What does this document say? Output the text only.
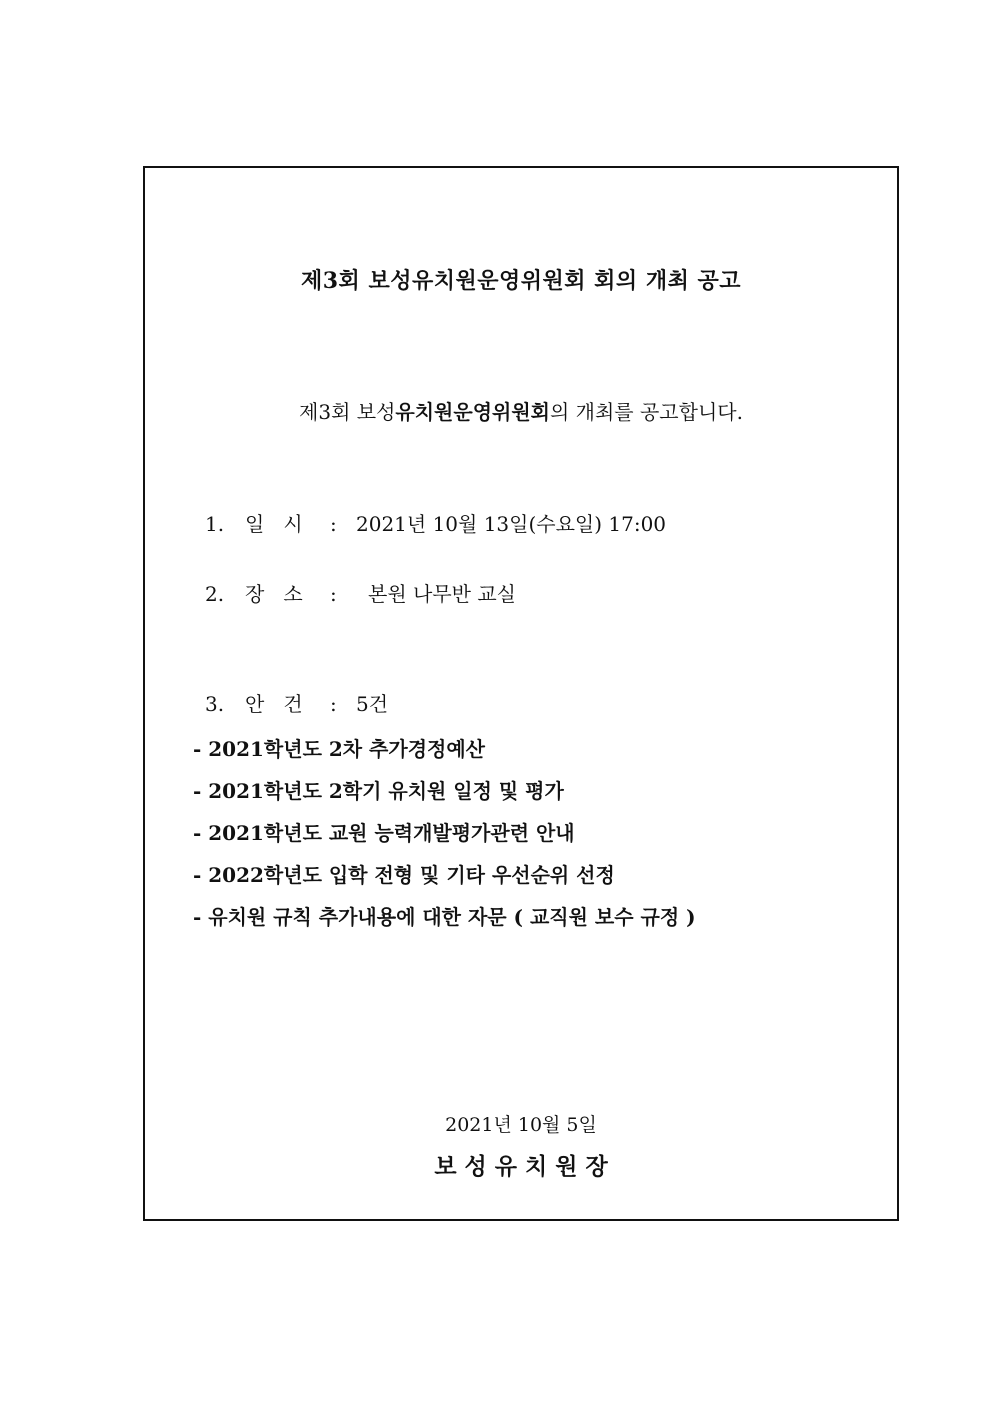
제3회 보성유치원운영위원회 회의 개최 공고
제3회 보성유치원운영위원회의 개최를 공고합니다.
1. 일   시: 2021년 10월 13일(수요일) 17:00
2. 장   소: 본원 나무반 교실
3. 안   건: 5건
- 2021학년도 2차 추가경정예산
- 2021학년도 2학기 유치원 일정 및 평가
- 2021학년도 교원 능력개발평가관련 안내
- 2022학년도 입학 전형 및 기타 우선순위 선정
- 유치원 규칙 추가내용에 대한 자문 ( 교직원 보수 규정 )
2021년 10월 5일
보 성 유 치 원 장
